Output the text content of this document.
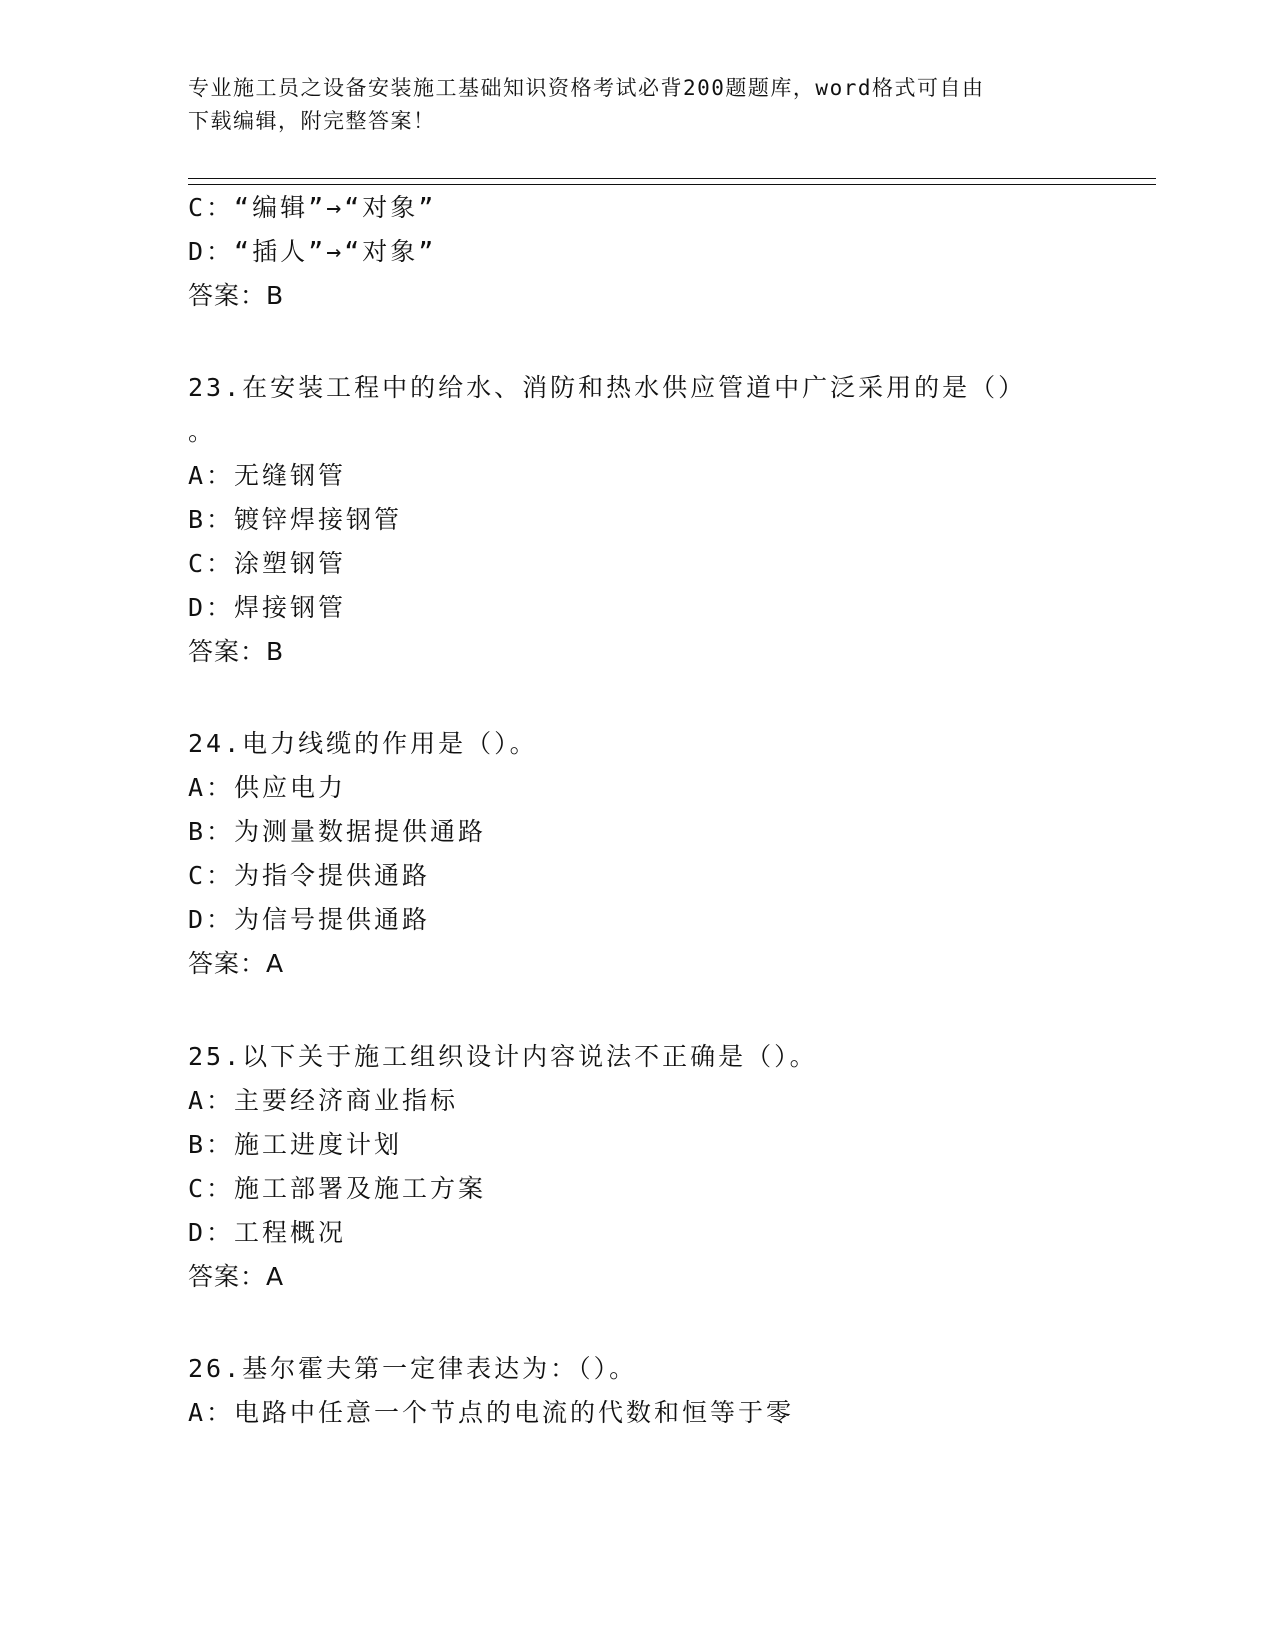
专业施工员之设备安装施工基础知识资格考试必背200题题库，word格式可自由
下载编辑，附完整答案！
C：“编辑”→“对象”
D：“插人”→“对象”
答案：B
23.在安装工程中的给水、消防和热水供应管道中广泛采用的是（）
。
A：无缝钢管
B：镀锌焊接钢管
C：涂塑钢管
D：焊接钢管
答案：B
24.电力线缆的作用是（）。
A：供应电力
B：为测量数据提供通路
C：为指令提供通路
D：为信号提供通路
答案：A
25.以下关于施工组织设计内容说法不正确是（）。
A：主要经济商业指标
B：施工进度计划
C：施工部署及施工方案
D：工程概况
答案：A
26.基尔霍夫第一定律表达为：（）。
A：电路中任意一个节点的电流的代数和恒等于零
